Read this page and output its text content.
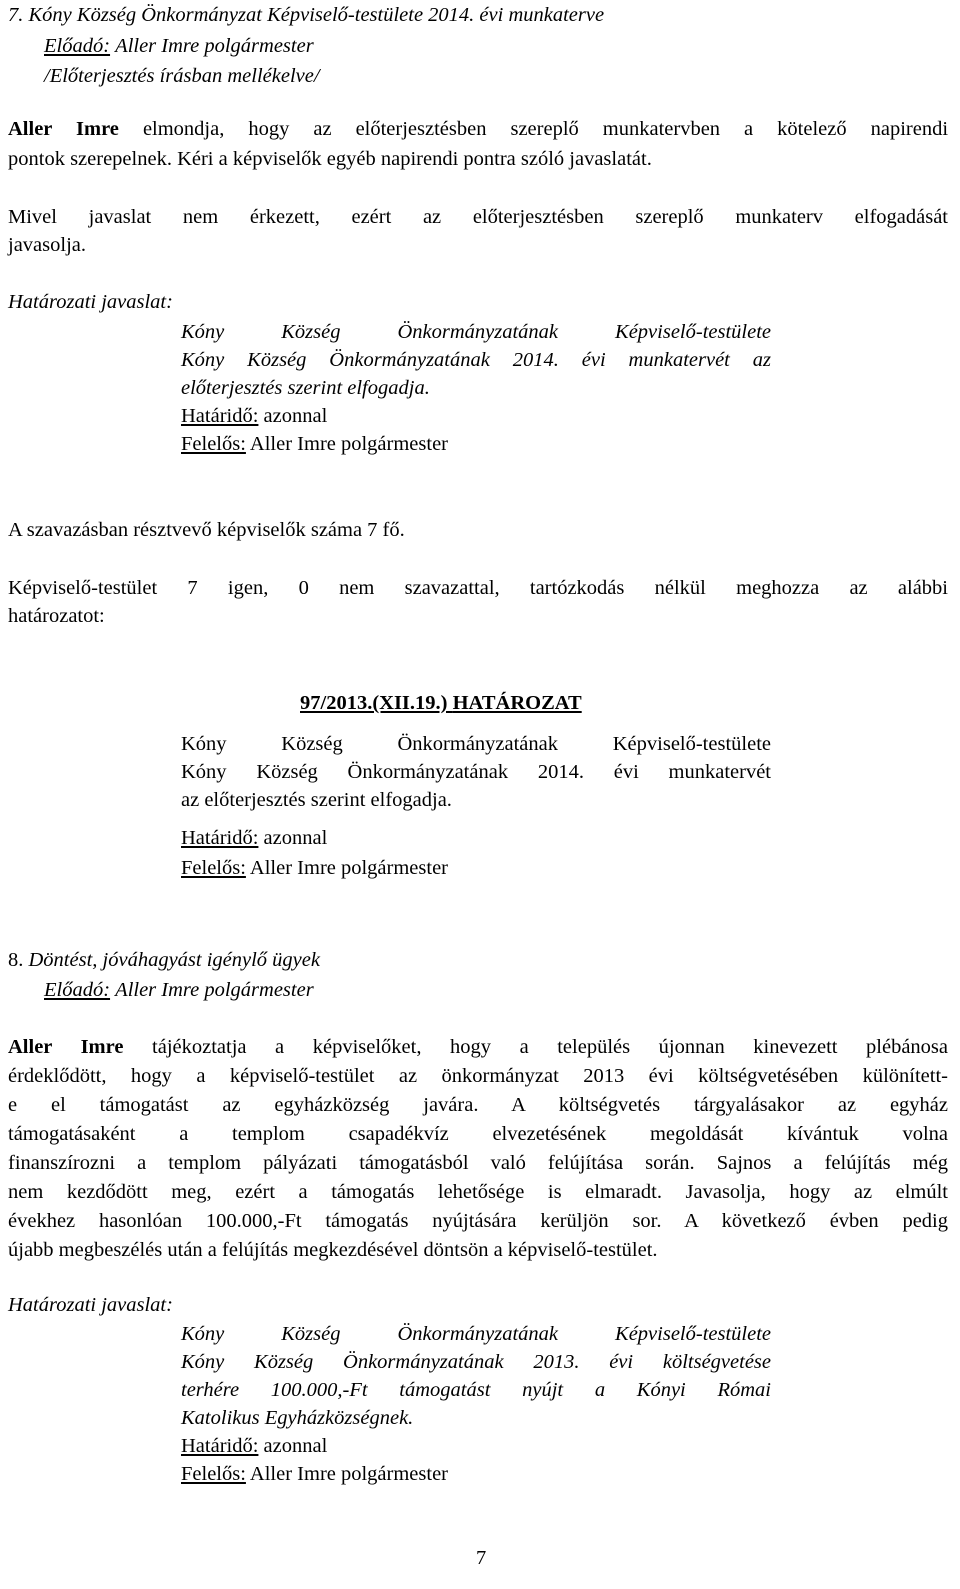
7. Kóny Község Önkormányzat Képviselő-testülete 2014. évi munkaterve
Előadó: Aller Imre polgármester
/Előterjesztés írásban mellékelve/
Aller Imre elmondja, hogy az előterjesztésben szereplő munkatervben a kötelező napirendi
pontok szerepelnek. Kéri a képviselők egyéb napirendi pontra szóló javaslatát.
Mivel javaslat nem érkezett, ezért az előterjesztésben szereplő munkaterv elfogadását
javasolja.
Határozati javaslat:
Kóny Község Önkormányzatának Képviselő-testülete
Kóny Község Önkormányzatának 2014. évi munkatervét az
előterjesztés szerint elfogadja.
Határidő: azonnal
Felelős: Aller Imre polgármester
A szavazásban résztvevő képviselők száma 7 fő.
Képviselő-testület 7 igen, 0 nem szavazattal, tartózkodás nélkül meghozza az alábbi
határozatot:
97/2013.(XII.19.) HATÁROZAT
Kóny Község Önkormányzatának Képviselő-testülete
Kóny Község Önkormányzatának 2014. évi munkatervét
az előterjesztés szerint elfogadja.
Határidő: azonnal
Felelős: Aller Imre polgármester
8. Döntést, jóváhagyást igénylő ügyek
Előadó: Aller Imre polgármester
Aller Imre tájékoztatja a képviselőket, hogy a település újonnan kinevezett plébánosa
érdeklődött, hogy a képviselő-testület az önkormányzat 2013 évi költségvetésében különített-
e el támogatást az egyházközség javára. A költségvetés tárgyalásakor az egyház
támogatásaként a templom csapadékvíz elvezetésének megoldását kívántuk volna
finanszírozni a templom pályázati támogatásból való felújítása során. Sajnos a felújítás még
nem kezdődött meg, ezért a támogatás lehetősége is elmaradt. Javasolja, hogy az elmúlt
évekhez hasonlóan 100.000,-Ft támogatás nyújtására kerüljön sor. A következő évben pedig
újabb megbeszélés után a felújítás megkezdésével döntsön a képviselő-testület.
Határozati javaslat:
Kóny Község Önkormányzatának Képviselő-testülete
Kóny Község Önkormányzatának 2013. évi költségvetése
terhére 100.000,-Ft támogatást nyújt a Kónyi Római
Katolikus Egyházközségnek.
Határidő: azonnal
Felelős: Aller Imre polgármester
7
